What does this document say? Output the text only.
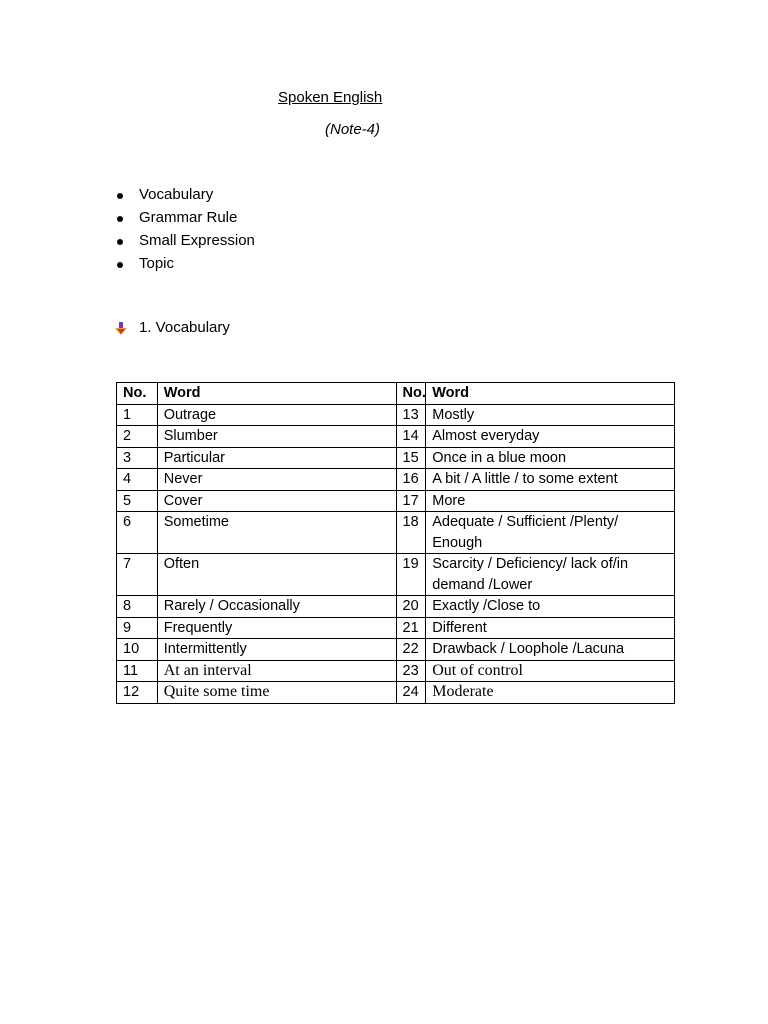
Spoken English
(Note-4)
Vocabulary
Grammar Rule
Small Expression
Topic
1. Vocabulary
No.	Word	No.	Word
1	Outrage	13	Mostly
2	Slumber	14	Almost everyday
3	Particular	15	Once in a blue moon
4	Never	16	A bit / A little / to some extent
5	Cover	17	More
6	Sometime	18	Adequate / Sufficient /Plenty/ Enough
7	Often	19	Scarcity / Deficiency/ lack of/in demand /Lower
8	Rarely / Occasionally	20	Exactly /Close to
9	Frequently	21	Different
10	Intermittently	22	Drawback / Loophole /Lacuna
11	At an interval	23	Out of control
12	Quite some time	24	Moderate
